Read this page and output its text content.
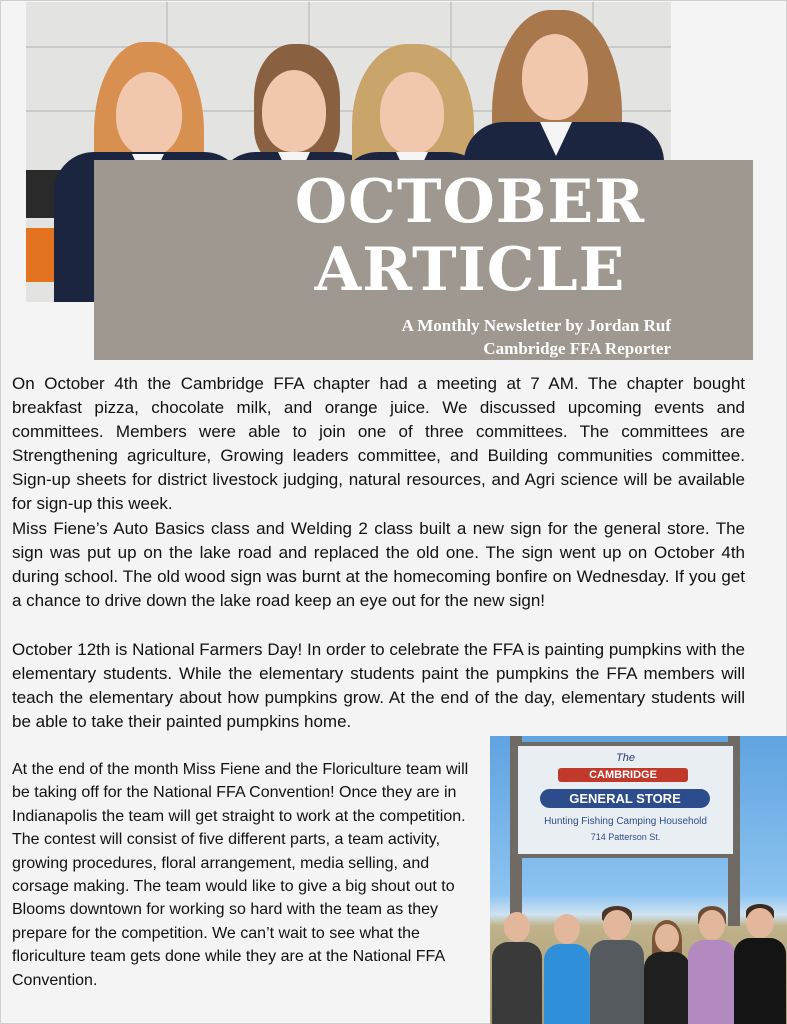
OCTOBER
ARTICLE
A Monthly Newsletter by Jordan Ruf
Cambridge FFA Reporter

On October 4th the Cambridge FFA chapter had a meeting at 7 AM. The chapter bought breakfast pizza, chocolate milk, and orange juice. We discussed upcoming events and committees. Members were able to join one of three committees. The committees are Strengthening agriculture, Growing leaders committee, and Building communities committee. Sign-up sheets for district livestock judging, natural resources, and Agri science will be available for sign-up this week.

Miss Fiene’s Auto Basics class and Welding 2 class built a new sign for the general store. The sign was put up on the lake road and replaced the old one. The sign went up on October 4th during school. The old wood sign was burnt at the homecoming bonfire on Wednesday. If you get a chance to drive down the lake road keep an eye out for the new sign!

October 12th is National Farmers Day! In order to celebrate the FFA is painting pumpkins with the elementary students. While the elementary students paint the pumpkins the FFA members will teach the elementary about how pumpkins grow. At the end of the day, elementary students will be able to take their painted pumpkins home.

At the end of the month Miss Fiene and the Floriculture team will be taking off for the National FFA Convention! Once they are in Indianapolis the team will get straight to work at the competition. The contest will consist of five different parts, a team activity, growing procedures, floral arrangement, media selling, and corsage making. The team would like to give a big shout out to Blooms downtown for working so hard with the team as they prepare for the competition. We can’t wait to see what the floriculture team gets done while they are at the National FFA Convention.

The
CAMBRIDGE
GENERAL STORE
Hunting Fishing Camping Household
714 Patterson St.
